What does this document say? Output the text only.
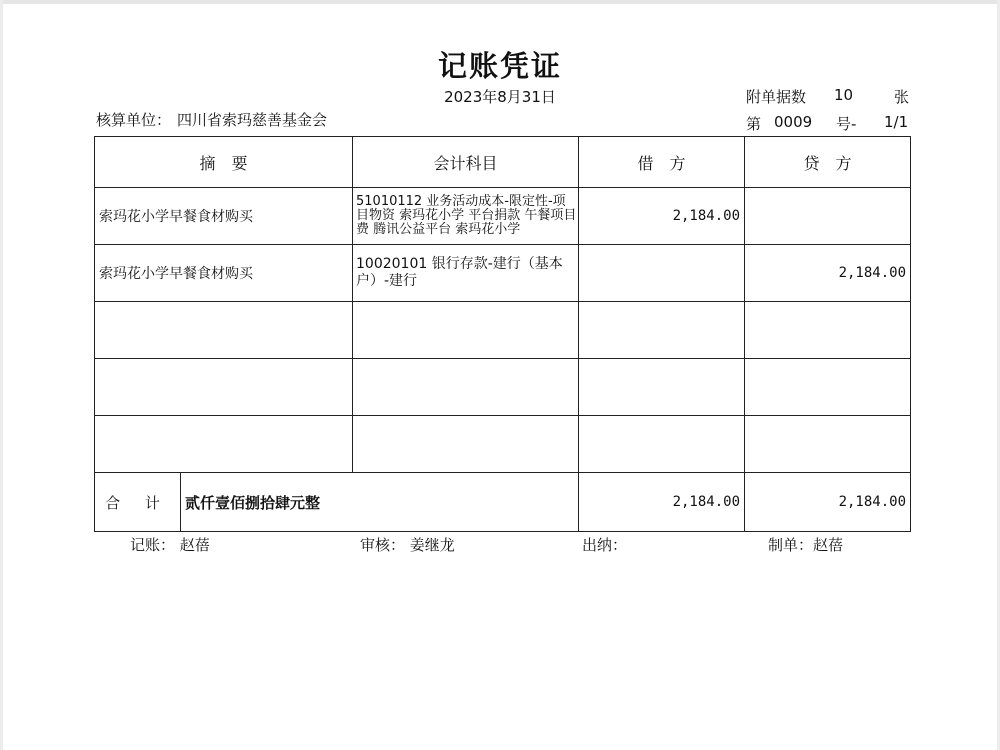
记账凭证
2023年8月31日
核算单位： 四川省索玛慈善基金会
附单据数 10	张
第 0009 号- 1/1
摘　要		会计科目	借　方	贷　方
索玛花小学早餐食材购买		51010112 业务活动成本-限定性-项目物资 索玛花小学 平台捐款 午餐项目费 腾讯公益平台 索玛花小学	2,184.00	
索玛花小学早餐食材购买		10020101 银行存款-建行（基本户）-建行		2,184.00

合 计	贰仟壹佰捌拾肆元整		2,184.00	2,184.00
记账： 赵蓓	审核： 姜继龙	出纳：	制单：赵蓓
